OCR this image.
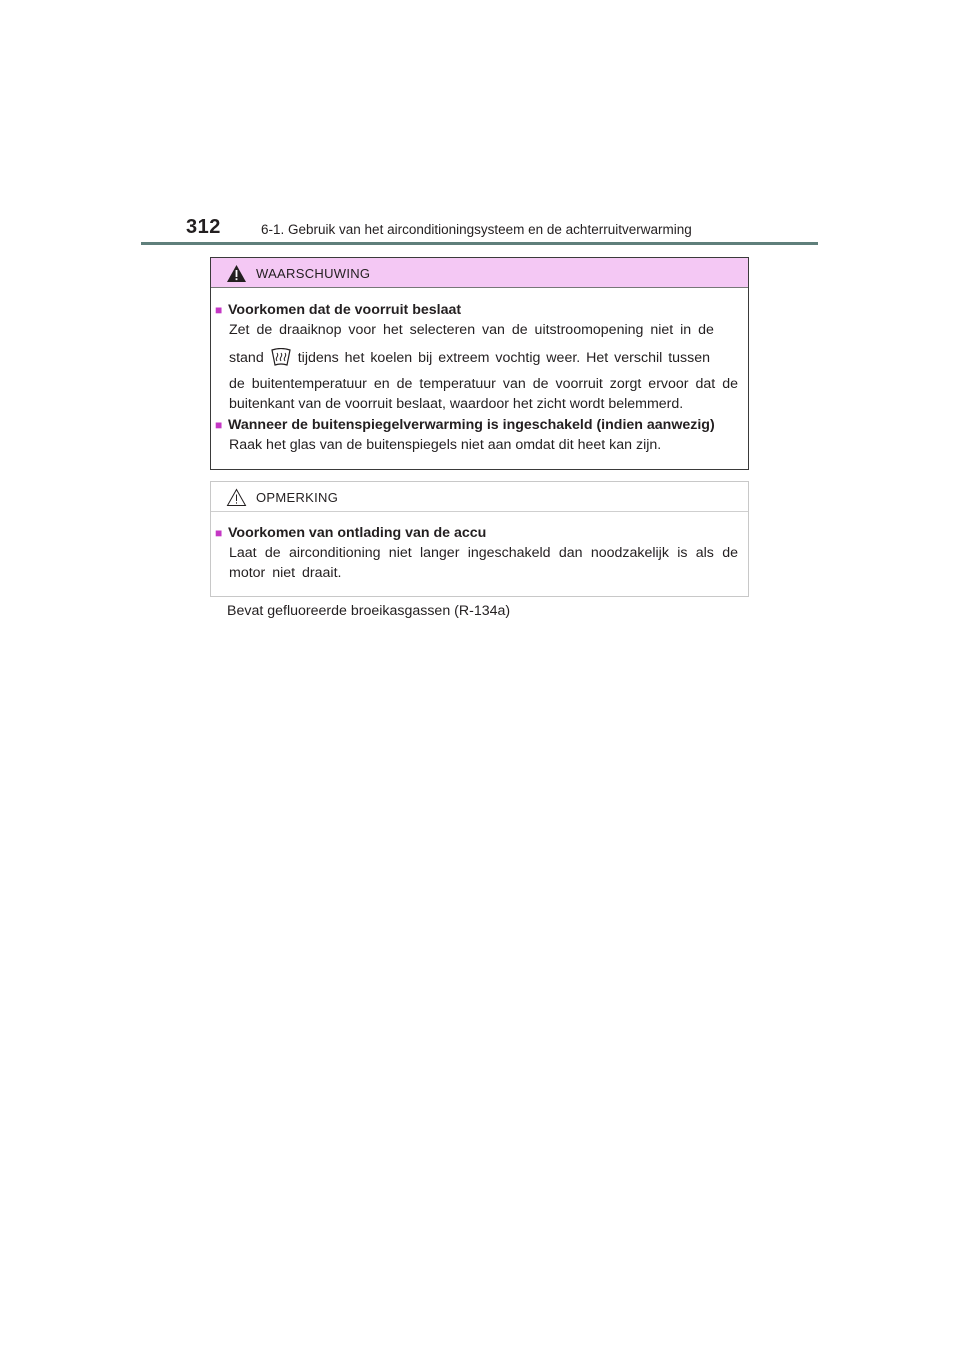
312	6-1. Gebruik van het airconditioningsysteem en de achterruitverwarming
WAARSCHUWING
■ Voorkomen dat de voorruit beslaat
Zet de draaiknop voor het selecteren van de uitstroomopening niet in de
stand tijdens het koelen bij extreem vochtig weer. Het verschil tussen
de buitentemperatuur en de temperatuur van de voorruit zorgt ervoor dat de buitenkant van de voorruit beslaat, waardoor het zicht wordt belemmerd.
■ Wanneer de buitenspiegelverwarming is ingeschakeld (indien aanwezig)
Raak het glas van de buitenspiegels niet aan omdat dit heet kan zijn.
OPMERKING
■ Voorkomen van ontlading van de accu
Laat de airconditioning niet langer ingeschakeld dan noodzakelijk is als de motor niet draait.
Bevat gefluoreerde broeikasgassen (R-134a)
